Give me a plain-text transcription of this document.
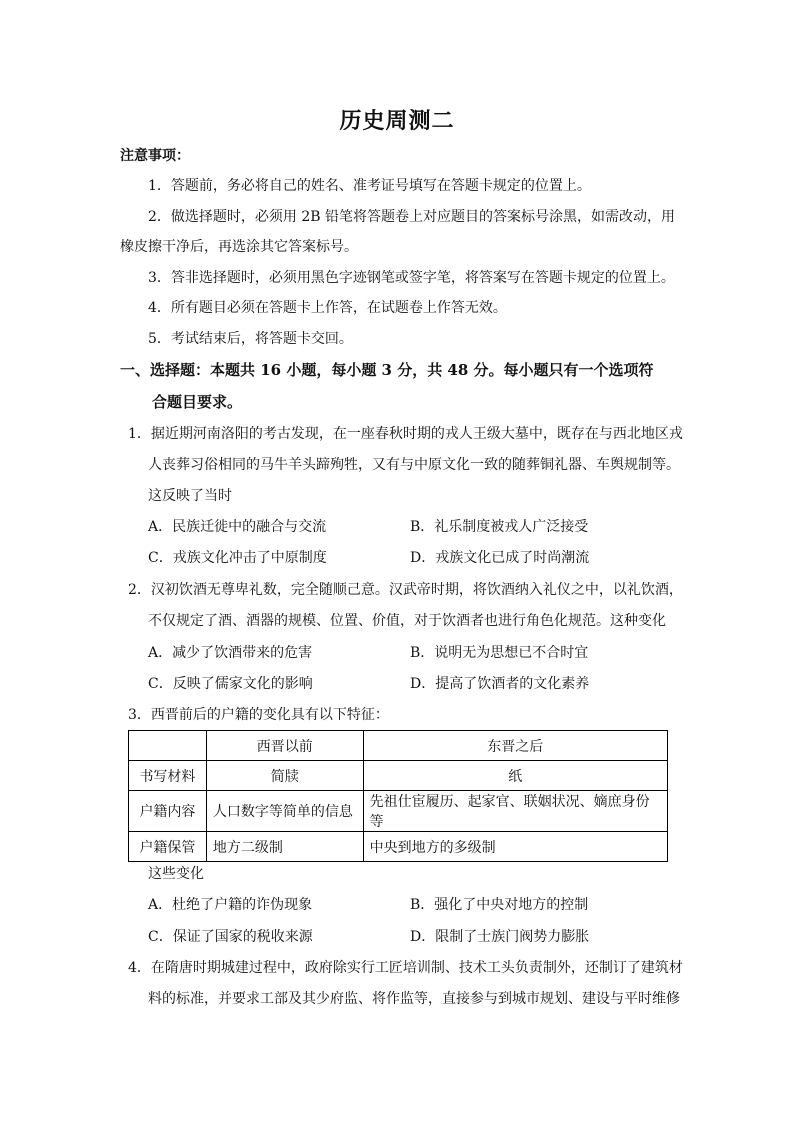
历史周测二
注意事项：
1．答题前，务必将自己的姓名、准考证号填写在答题卡规定的位置上。
2．做选择题时，必须用 2B 铅笔将答题卷上对应题目的答案标号涂黑，如需改动，用
橡皮擦干净后，再选涂其它答案标号。
3．答非选择题时，必须用黑色字迹钢笔或签字笔，将答案写在答题卡规定的位置上。
4．所有题目必须在答题卡上作答，在试题卷上作答无效。
5．考试结束后，将答题卡交回。
一、选择题：本题共 16 小题，每小题 3 分，共 48 分。每小题只有一个选项符
合题目要求。
1．据近期河南洛阳的考古发现，在一座春秋时期的戎人王级大墓中，既存在与西北地区戎
人丧葬习俗相同的马牛羊头蹄殉牲，又有与中原文化一致的随葬铜礼器、车舆规制等。
这反映了当时
A．民族迁徙中的融合与交流	B．礼乐制度被戎人广泛接受
C．戎族文化冲击了中原制度	D．戎族文化已成了时尚潮流
2．汉初饮酒无尊卑礼数，完全随顺己意。汉武帝时期，将饮酒纳入礼仪之中，以礼饮酒，
不仅规定了酒、酒器的规模、位置、价值，对于饮酒者也进行角色化规范。这种变化
A．减少了饮酒带来的危害	B．说明无为思想已不合时宜
C．反映了儒家文化的影响	D．提高了饮酒者的文化素养
3．西晋前后的户籍的变化具有以下特征：
	西晋以前	东晋之后
书写材料	简牍	纸
户籍内容	人口数字等简单的信息	先祖仕宦履历、起家官、联姻状况、嫡庶身份等
户籍保管	地方二级制	中央到地方的多级制
这些变化
A．杜绝了户籍的诈伪现象	B．强化了中央对地方的控制
C．保证了国家的税收来源	D．限制了士族门阀势力膨胀
4．在隋唐时期城建过程中，政府除实行工匠培训制、技术工头负责制外，还制订了建筑材
料的标准，并要求工部及其少府监、将作监等，直接参与到城市规划、建设与平时维修
